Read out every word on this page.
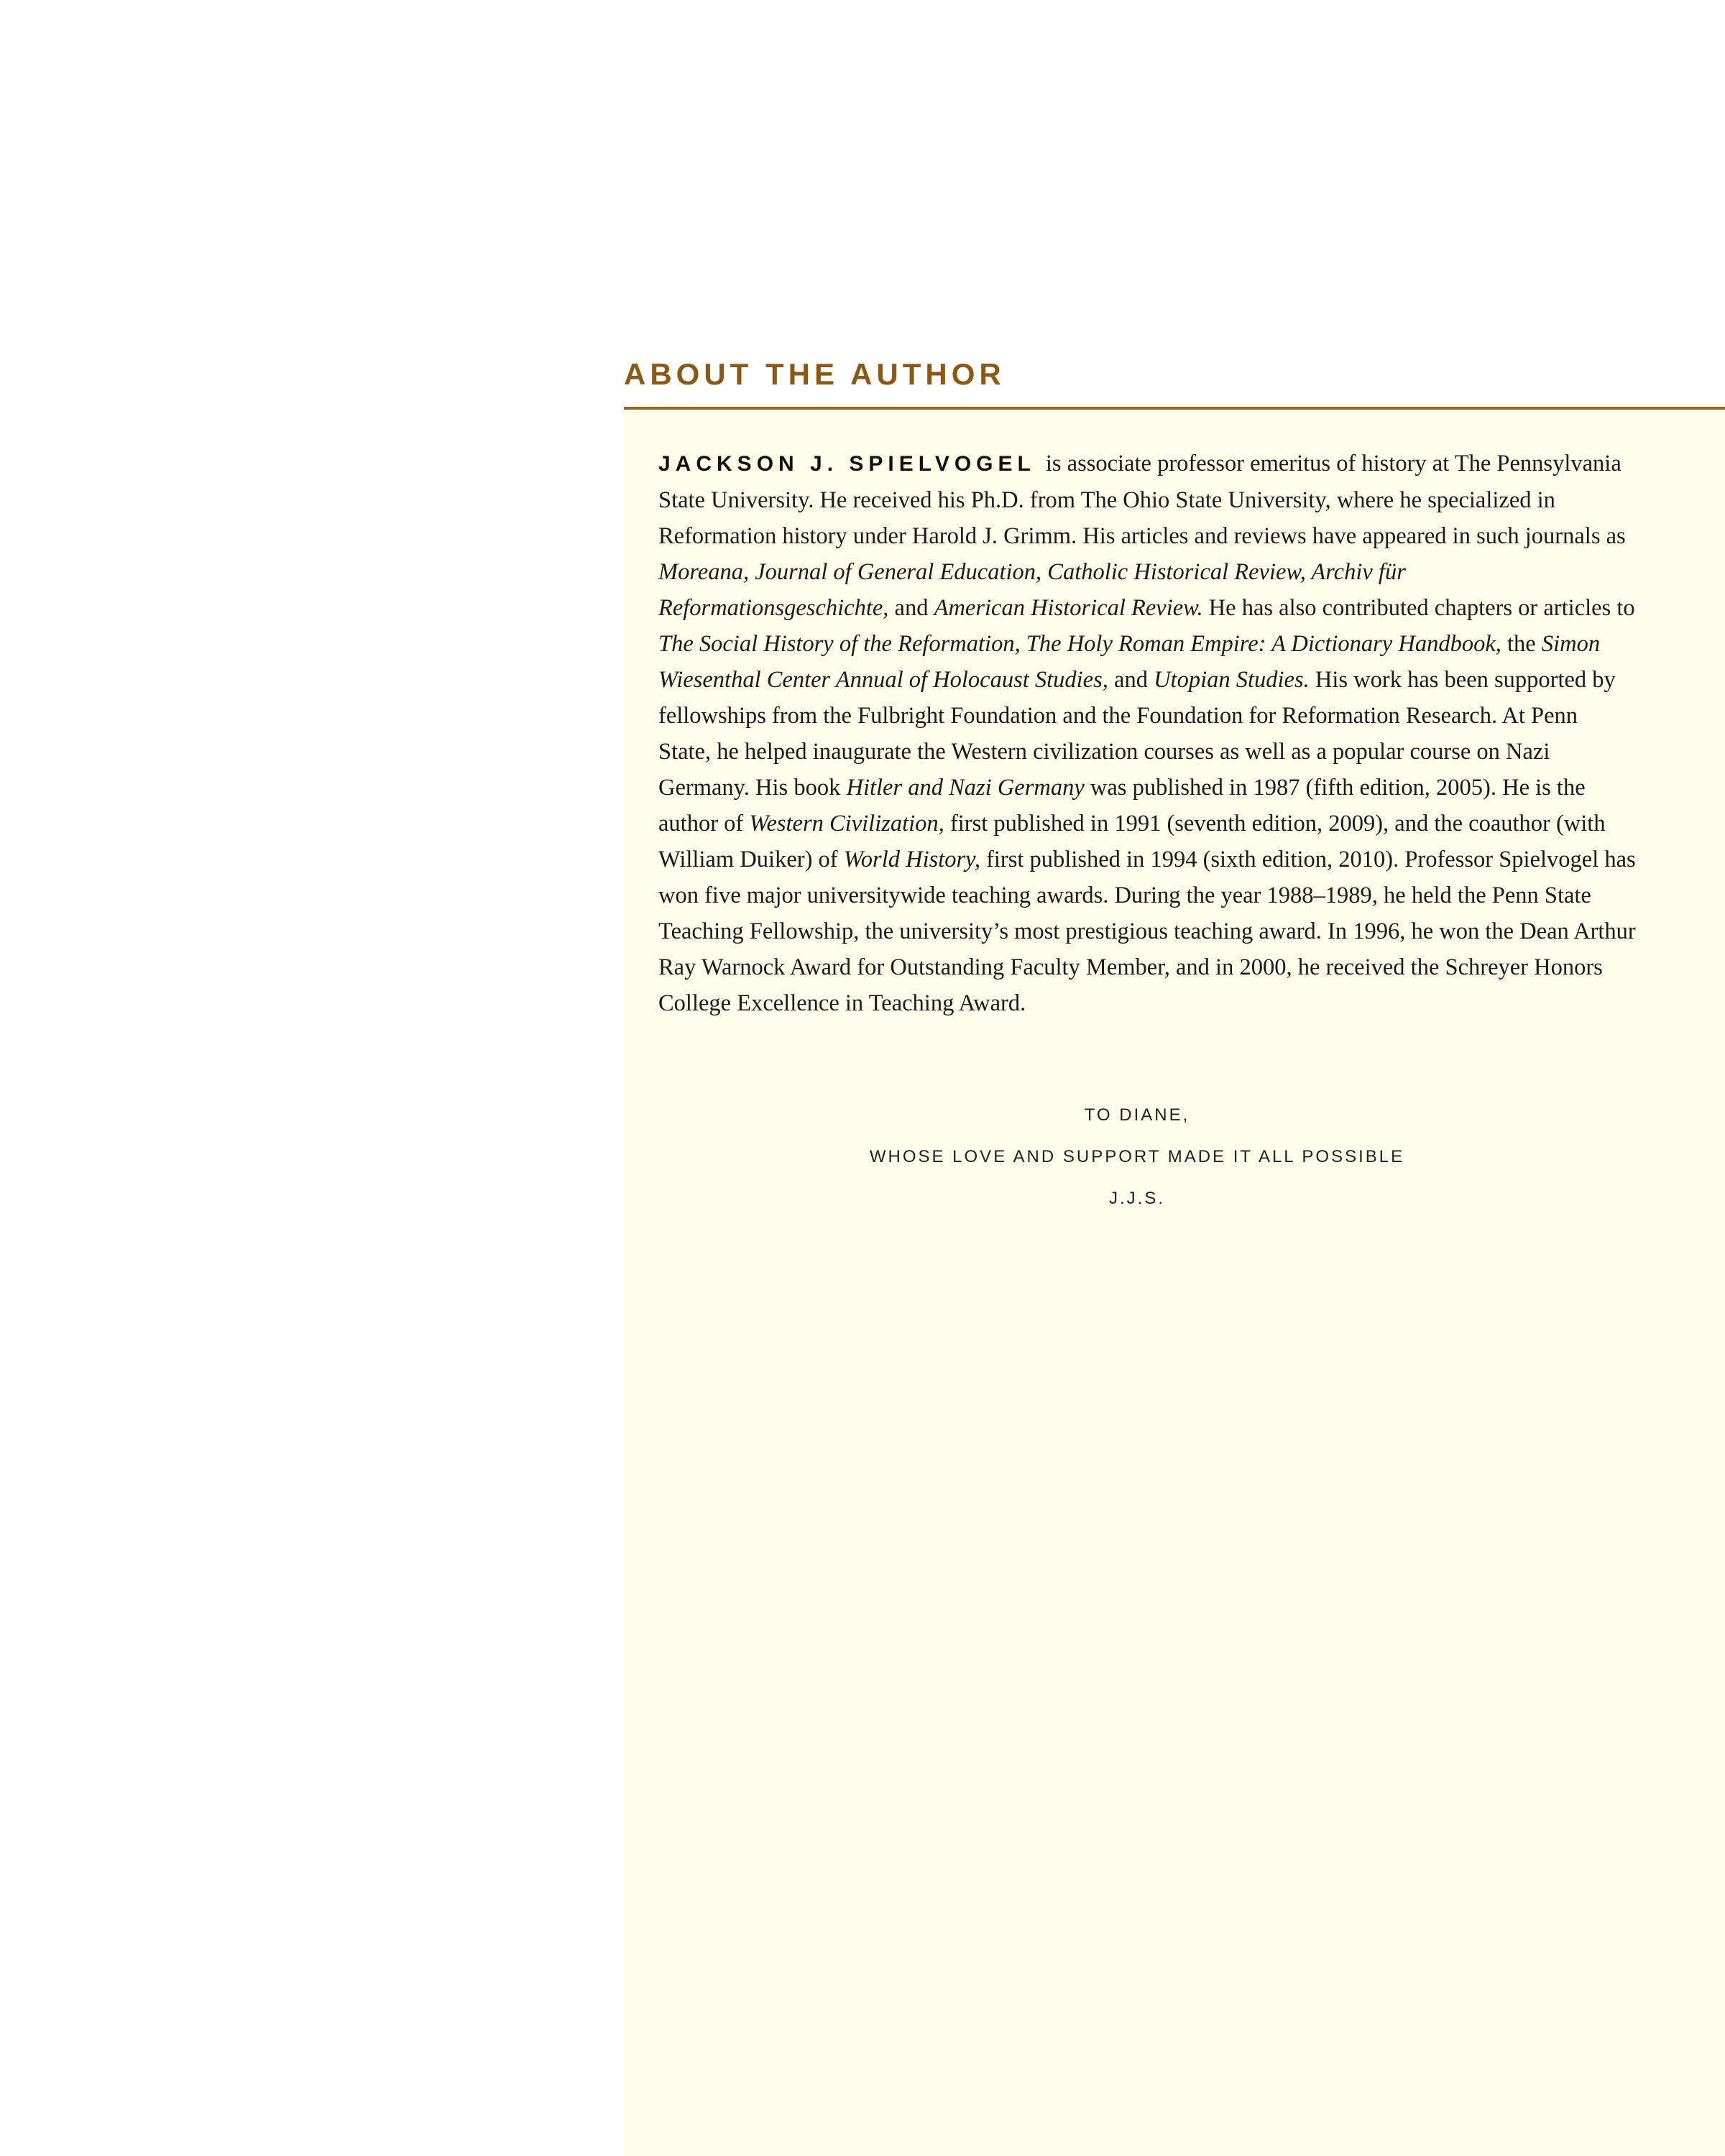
ABOUT THE AUTHOR

JACKSON J. SPIELVOGEL is associate professor emeritus of history at The Pennsylvania State University. He received his Ph.D. from The Ohio State University, where he specialized in Reformation history under Harold J. Grimm. His articles and reviews have appeared in such journals as Moreana, Journal of General Education, Catholic Historical Review, Archiv für Reformationsgeschichte, and American Historical Review. He has also contributed chapters or articles to The Social History of the Reformation, The Holy Roman Empire: A Dictionary Handbook, the Simon Wiesenthal Center Annual of Holocaust Studies, and Utopian Studies. His work has been supported by fellowships from the Fulbright Foundation and the Foundation for Reformation Research. At Penn State, he helped inaugurate the Western civilization courses as well as a popular course on Nazi Germany. His book Hitler and Nazi Germany was published in 1987 (fifth edition, 2005). He is the author of Western Civilization, first published in 1991 (seventh edition, 2009), and the coauthor (with William Duiker) of World History, first published in 1994 (sixth edition, 2010). Professor Spielvogel has won five major universitywide teaching awards. During the year 1988–1989, he held the Penn State Teaching Fellowship, the university’s most prestigious teaching award. In 1996, he won the Dean Arthur Ray Warnock Award for Outstanding Faculty Member, and in 2000, he received the Schreyer Honors College Excellence in Teaching Award.

TO DIANE,
WHOSE LOVE AND SUPPORT MADE IT ALL POSSIBLE
J.J.S.
